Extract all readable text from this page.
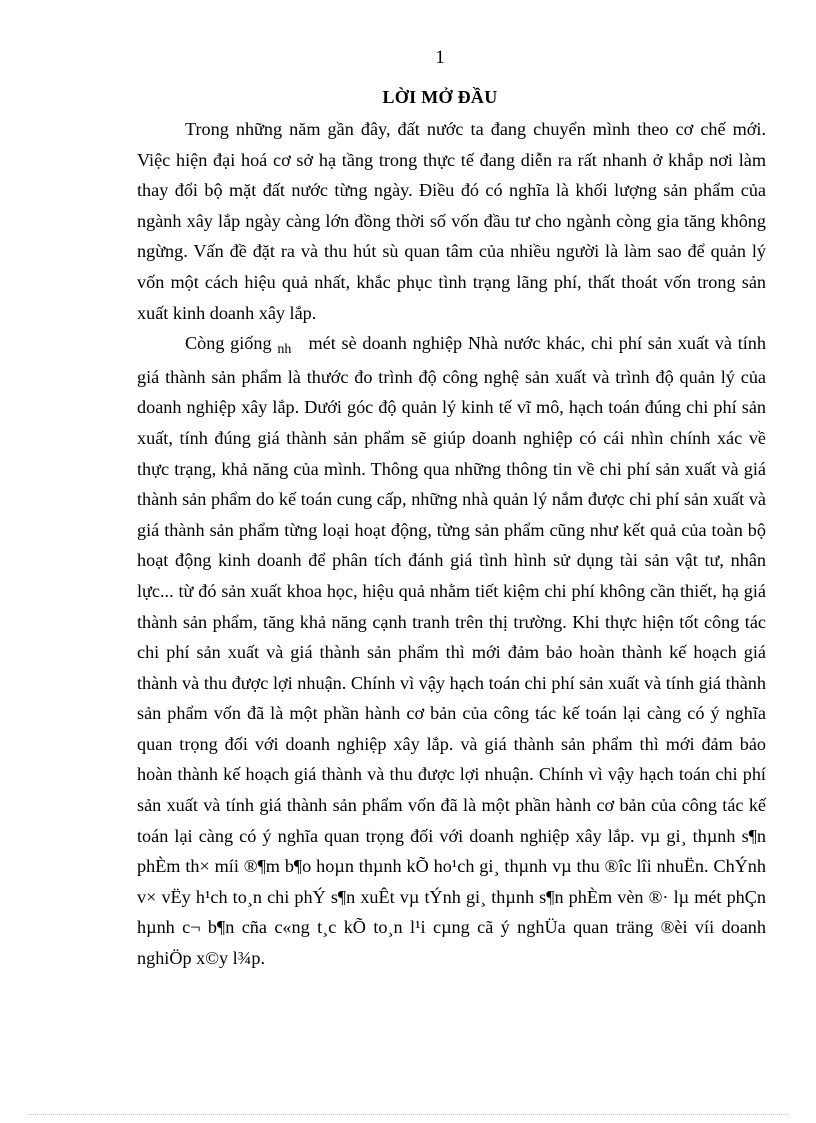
1
LỜI MỞ ĐẦU

Trong những năm gần đây, đất nước ta đang chuyển mình theo cơ chế mới. Việc hiện đại hoá cơ sở hạ tầng trong thực tế đang diễn ra rất nhanh ở khắp nơi làm thay đổi bộ mặt đất nước từng ngày. Điều đó có nghĩa là khối lượng sản phẩm của ngành xây lắp ngày càng lớn đồng thời số vốn đầu tư cho ngành còng gia tăng không ngừng. Vấn đề đặt ra và thu hút sù quan tâm của nhiều người là làm sao để quản lý vốn một cách hiệu quả nhất, khắc phục tình trạng lãng phí, thất thoát vốn trong sản xuất kinh doanh xây lắp.

Còng giống $_{nh}$ mét sè doanh nghiệp Nhà nước khác, chi phí sản xuất và tính giá thành sản phẩm là thước đo trình độ công nghệ sản xuất và trình độ quản lý của doanh nghiệp xây lắp. Dưới góc độ quản lý kinh tế vĩ mô, hạch toán đúng chi phí sản xuất, tính đúng giá thành sản phẩm sẽ giúp doanh nghiệp có cái nhìn chính xác về thực trạng, khả năng của mình. Thông qua những thông tin về chi phí sản xuất và giá thành sản phẩm do kế toán cung cấp, những nhà quản lý nắm được chi phí sản xuất và giá thành sản phẩm từng loại hoạt động, từng sản phẩm cũng như kết quả của toàn bộ hoạt động kinh doanh để phân tích đánh giá tình hình sử dụng tài sản vật tư, nhân lực... từ đó sản xuất khoa học, hiệu quả nhằm tiết kiệm chi phí không cần thiết, hạ giá thành sản phẩm, tăng khả năng cạnh tranh trên thị trường. Khi thực hiện tốt công tác chi phí sản xuất và giá thành sản phẩm thì mới đảm bảo hoàn thành kế hoạch giá thành và thu được lợi nhuận. Chính vì vậy hạch toán chi phí sản xuất và tính giá thành sản phẩm vốn đã là một phần hành cơ bản của công tác kế toán lại càng có ý nghĩa quan trọng đối với doanh nghiệp xây lắp. và giá thành sản phẩm thì mới đảm bảo hoàn thành kế hoạch giá thành và thu được lợi nhuận. Chính vì vậy hạch toán chi phí sản xuất và tính giá thành sản phẩm vốn đã là một phần hành cơ bản của công tác kế toán lại càng có ý nghĩa quan trọng đối với doanh nghiệp xây lắp. vµ gi¸ thµnh s¶n phÈm th× míi ®¶m b¶o hoµn thµnh kÕ ho¹ch gi¸ thµnh vµ thu ®îc lîi nhuËn. ChÝnh v× vËy h¹ch to¸n chi phÝ s¶n xuÊt vµ tÝnh gi¸ thµnh s¶n phÈm vèn ®· lµ mét phÇn hµnh c¬ b¶n cña c«ng t¸c kÕ to¸n l¹i cµng cã ý nghÜa quan träng ®èi víi doanh nghiÖp x©y l¾p.
